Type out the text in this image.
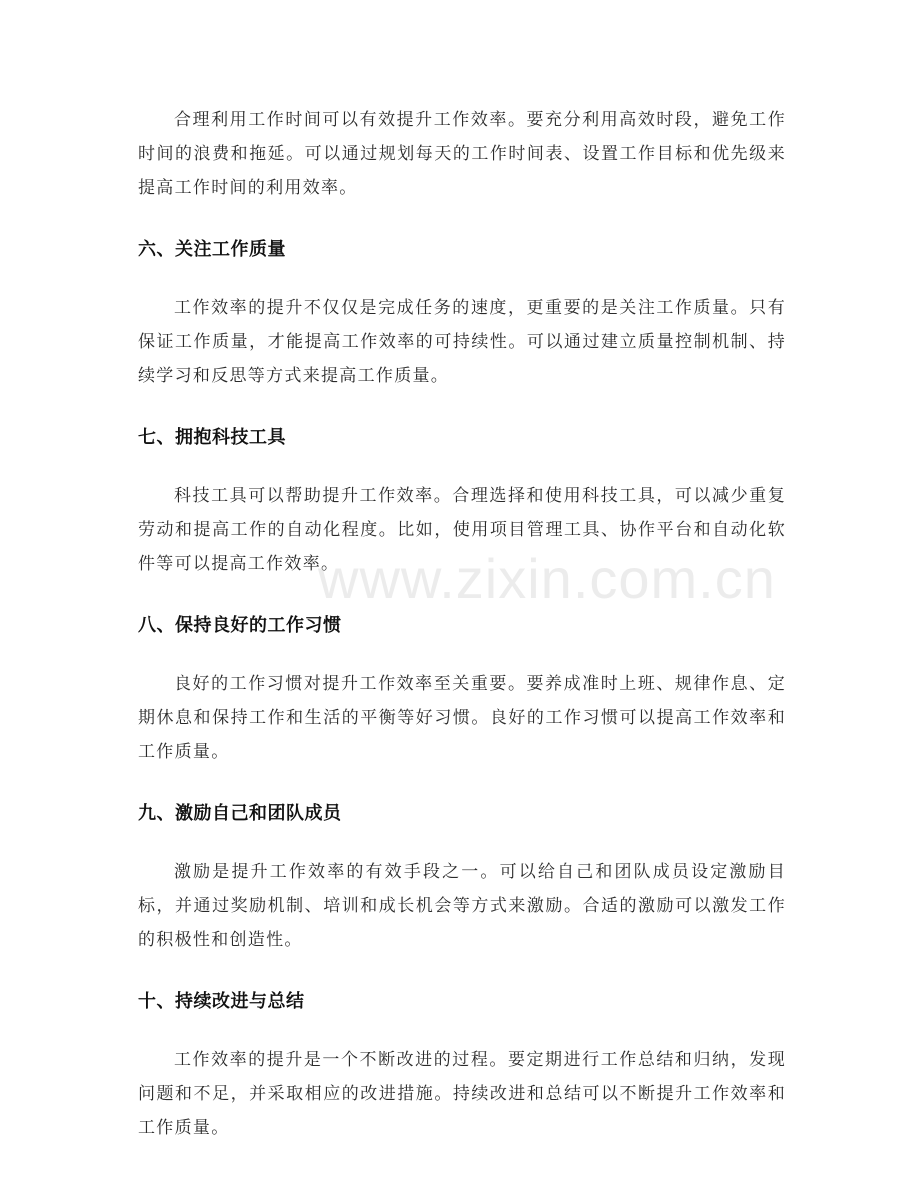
合理利用工作时间可以有效提升工作效率。要充分利用高效时段，避免工作时间的浪费和拖延。可以通过规划每天的工作时间表、设置工作目标和优先级来提高工作时间的利用效率。

六、关注工作质量

工作效率的提升不仅仅是完成任务的速度，更重要的是关注工作质量。只有保证工作质量，才能提高工作效率的可持续性。可以通过建立质量控制机制、持续学习和反思等方式来提高工作质量。

七、拥抱科技工具

科技工具可以帮助提升工作效率。合理选择和使用科技工具，可以减少重复劳动和提高工作的自动化程度。比如，使用项目管理工具、协作平台和自动化软件等可以提高工作效率。

八、保持良好的工作习惯

良好的工作习惯对提升工作效率至关重要。要养成准时上班、规律作息、定期休息和保持工作和生活的平衡等好习惯。良好的工作习惯可以提高工作效率和工作质量。

九、激励自己和团队成员

激励是提升工作效率的有效手段之一。可以给自己和团队成员设定激励目标，并通过奖励机制、培训和成长机会等方式来激励。合适的激励可以激发工作的积极性和创造性。

十、持续改进与总结

工作效率的提升是一个不断改进的过程。要定期进行工作总结和归纳，发现问题和不足，并采取相应的改进措施。持续改进和总结可以不断提升工作效率和工作质量。

www.zixin.com.cn
